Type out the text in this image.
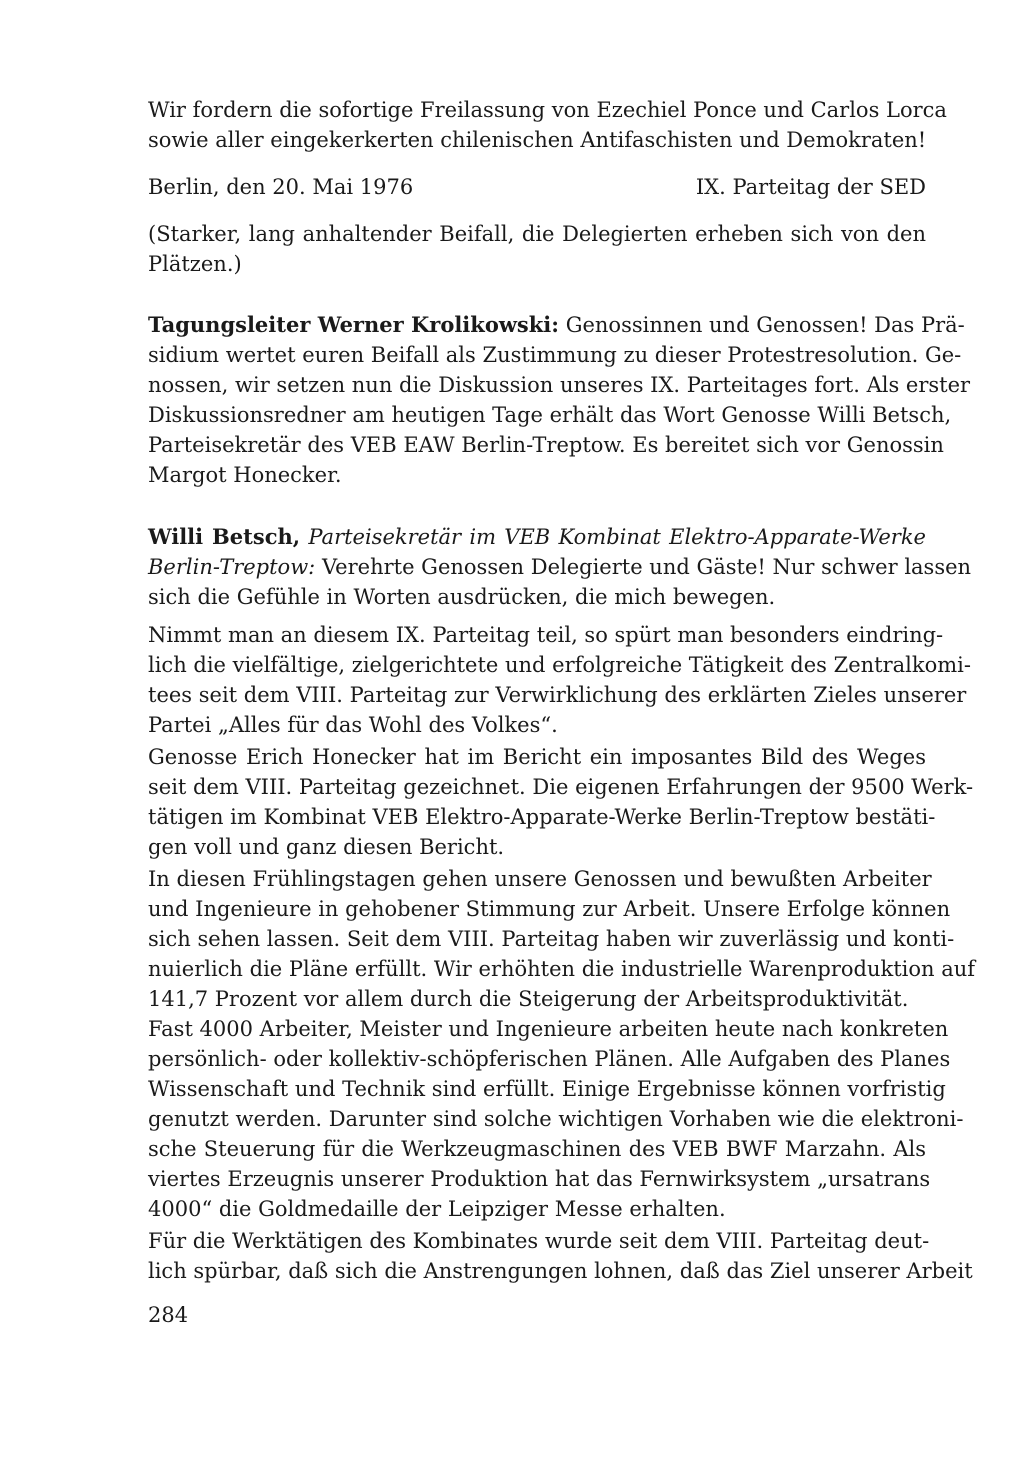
Wir fordern die sofortige Freilassung von Ezechiel Ponce und Carlos Lorca
sowie aller eingekerkerten chilenischen Antifaschisten und Demokraten!
Berlin, den 20. Mai 1976	IX. Parteitag der SED
(Starker, lang anhaltender Beifall, die Delegierten erheben sich von den
Plätzen.)
Tagungsleiter Werner Krolikowski: Genossinnen und Genossen! Das Prä-
sidium wertet euren Beifall als Zustimmung zu dieser Protestresolution. Ge-
nossen, wir setzen nun die Diskussion unseres IX. Parteitages fort. Als erster
Diskussionsredner am heutigen Tage erhält das Wort Genosse Willi Betsch,
Parteisekretär des VEB EAW Berlin-Treptow. Es bereitet sich vor Genossin
Margot Honecker.
Willi Betsch, Parteisekretär im VEB Kombinat Elektro-Apparate-Werke
Berlin-Treptow: Verehrte Genossen Delegierte und Gäste! Nur schwer lassen
sich die Gefühle in Worten ausdrücken, die mich bewegen.
Nimmt man an diesem IX. Parteitag teil, so spürt man besonders eindring-
lich die vielfältige, zielgerichtete und erfolgreiche Tätigkeit des Zentralkomi-
tees seit dem VIII. Parteitag zur Verwirklichung des erklärten Zieles unserer
Partei „Alles für das Wohl des Volkes“.
Genosse Erich Honecker hat im Bericht ein imposantes Bild des Weges
seit dem VIII. Parteitag gezeichnet. Die eigenen Erfahrungen der 9500 Werk-
tätigen im Kombinat VEB Elektro-Apparate-Werke Berlin-Treptow bestäti-
gen voll und ganz diesen Bericht.
In diesen Frühlingstagen gehen unsere Genossen und bewußten Arbeiter
und Ingenieure in gehobener Stimmung zur Arbeit. Unsere Erfolge können
sich sehen lassen. Seit dem VIII. Parteitag haben wir zuverlässig und konti-
nuierlich die Pläne erfüllt. Wir erhöhten die industrielle Warenproduktion auf
141,7 Prozent vor allem durch die Steigerung der Arbeitsproduktivität.
Fast 4000 Arbeiter, Meister und Ingenieure arbeiten heute nach konkreten
persönlich- oder kollektiv-schöpferischen Plänen. Alle Aufgaben des Planes
Wissenschaft und Technik sind erfüllt. Einige Ergebnisse können vorfristig
genutzt werden. Darunter sind solche wichtigen Vorhaben wie die elektroni-
sche Steuerung für die Werkzeugmaschinen des VEB BWF Marzahn. Als
viertes Erzeugnis unserer Produktion hat das Fernwirksystem „ursatrans
4000“ die Goldmedaille der Leipziger Messe erhalten.
Für die Werktätigen des Kombinates wurde seit dem VIII. Parteitag deut-
lich spürbar, daß sich die Anstrengungen lohnen, daß das Ziel unserer Arbeit
284
